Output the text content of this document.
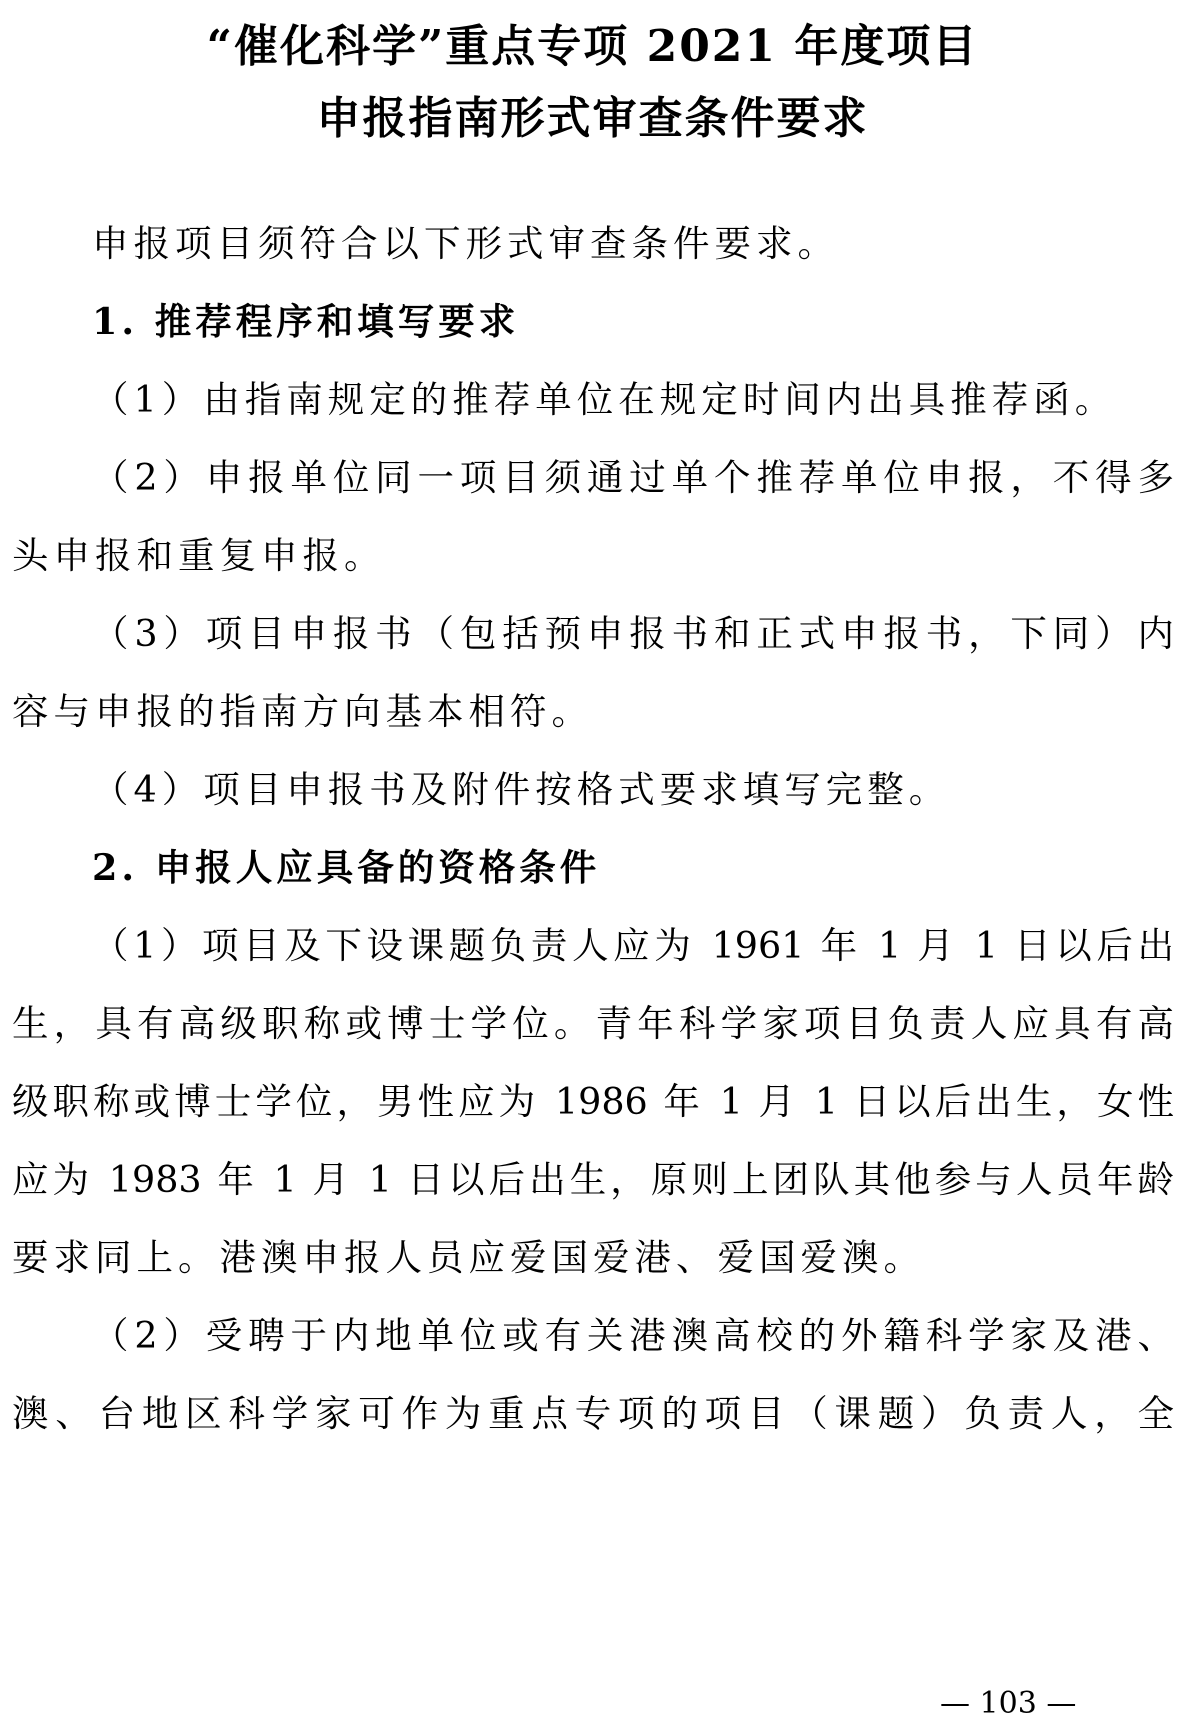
“催化科学”重点专项 2021 年度项目
申报指南形式审查条件要求
申报项目须符合以下形式审查条件要求。
1. 推荐程序和填写要求
（1）由指南规定的推荐单位在规定时间内出具推荐函。
（2）申报单位同一项目须通过单个推荐单位申报，不得多
头申报和重复申报。
（3）项目申报书（包括预申报书和正式申报书，下同）内
容与申报的指南方向基本相符。
（4）项目申报书及附件按格式要求填写完整。
2. 申报人应具备的资格条件
（1）项目及下设课题负责人应为 1961 年 1 月 1 日以后出
生，具有高级职称或博士学位。青年科学家项目负责人应具有高
级职称或博士学位，男性应为 1986 年 1 月 1 日以后出生，女性
应为 1983 年 1 月 1 日以后出生，原则上团队其他参与人员年龄
要求同上。港澳申报人员应爱国爱港、爱国爱澳。
（2）受聘于内地单位或有关港澳高校的外籍科学家及港、
澳、台地区科学家可作为重点专项的项目（课题）负责人，全
— 103 —
